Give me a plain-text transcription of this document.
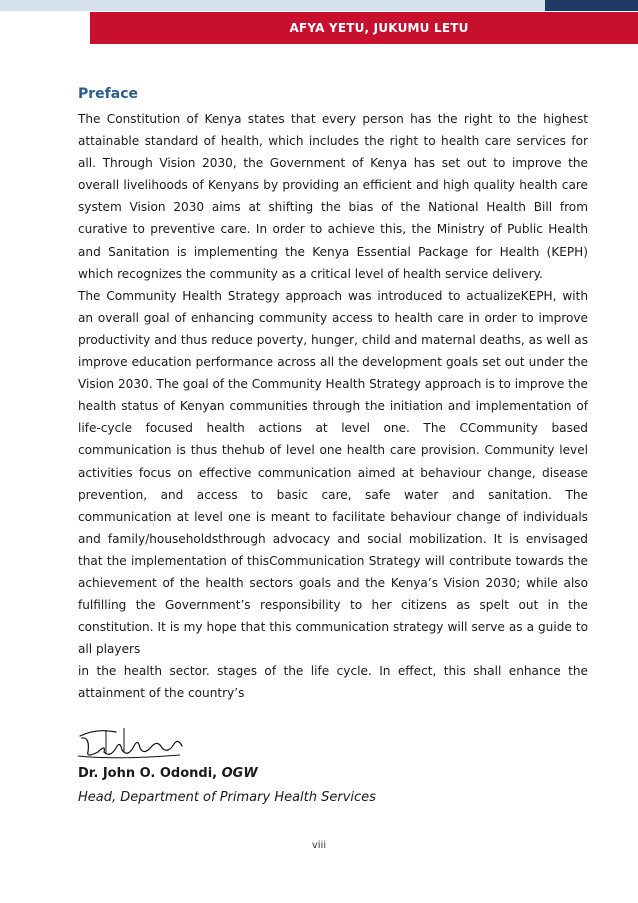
AFYA YETU, JUKUMU LETU
Preface

The Constitution of Kenya states that every person has the right to the highest attainable standard of health, which includes the right to health care services for all. Through Vision 2030, the Government of Kenya has set out to improve the overall livelihoods of Kenyans by providing an efficient and high quality health care system Vision 2030 aims at shifting the bias of the National Health Bill from curative to preventive care. In order to achieve this, the Ministry of Public Health and Sanitation is implementing the Kenya Essential Package for Health (KEPH) which recognizes the community as a critical level of health service delivery.

The Community Health Strategy approach was introduced to actualizeKEPH, with an overall goal of enhancing community access to health care in order to improve productivity and thus reduce poverty, hunger, child and maternal deaths, as well as improve education performance across all the development goals set out under the Vision 2030. The goal of the Community Health Strategy approach is to improve the health status of Kenyan communities through the initiation and implementation of life-cycle focused health actions at level one. The CCommunity based communication is thus thehub of level one health care provision. Community level activities focus on effective communication aimed at behaviour change, disease prevention, and access to basic care, safe water and sanitation. The communication at level one is meant to facilitate behaviour change of individuals and family/householdsthrough advocacy and social mobilization. It is envisaged that the implementation of thisCommunication Strategy will contribute towards the achievement of the health sectors goals and the Kenya’s Vision 2030; while also fulfilling the Government’s responsibility to her citizens as spelt out in the constitution. It is my hope that this communication strategy will serve as a guide to all players

in the health sector. stages of the life cycle. In effect, this shall enhance the attainment of the country’s

Dr. John O. Odondi, OGW
Head, Department of Primary Health Services
viii
